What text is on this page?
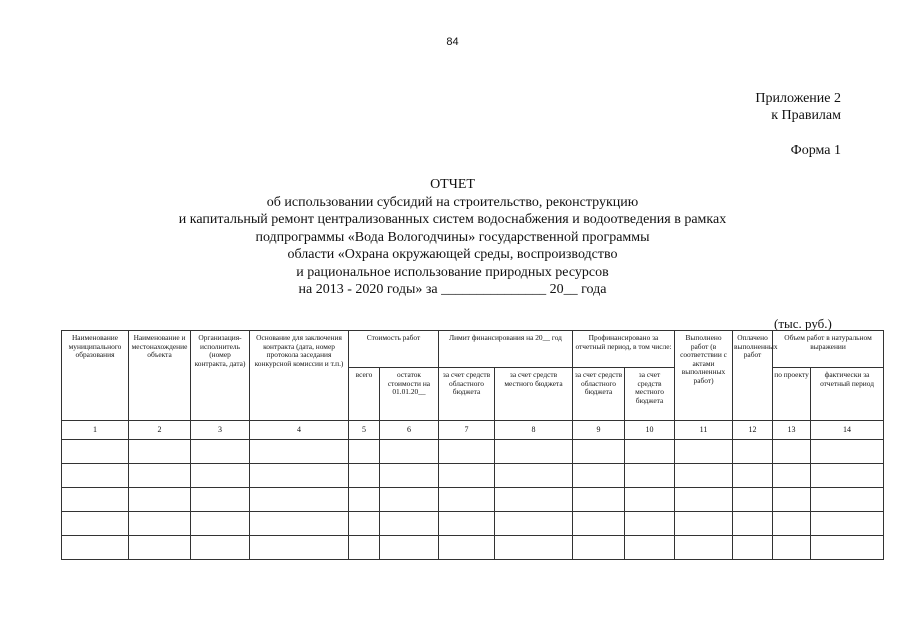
84
Приложение 2
к Правилам
Форма 1
ОТЧЕТ
об использовании субсидий на строительство, реконструкцию
и капитальный ремонт централизованных систем водоснабжения и водоотведения в рамках
подпрограммы «Вода Вологодчины» государственной программы
области «Охрана окружающей среды, воспроизводство
и рациональное использование природных ресурсов
на 2013 - 2020 годы» за _______________ 20__ года
(тыс. руб.)
Наименование муниципального образования	Наименование и местонахождение объекта	Организация-исполнитель (номер контракта, дата)	Основание для заключения контракта (дата, номер протокола заседания конкурсной комиссии и т.п.)	Стоимость работ		Лимит финансирования на 20__ год		Профинансировано за отчетный период, в том числе:		Выполнено работ (в соответствии с актами выполненных работ)	Оплачено выполненных работ	Объем работ в натуральном выражении	
				всего	остаток стоимости на 01.01.20__	за счет средств областного бюджета	за счет средств местного бюджета	за счет средств областного бюджета	за счет средств местного бюджета			по проекту	фактически за отчетный период
1	2	3	4	5	6	7	8	9	10	11	12	13	14
